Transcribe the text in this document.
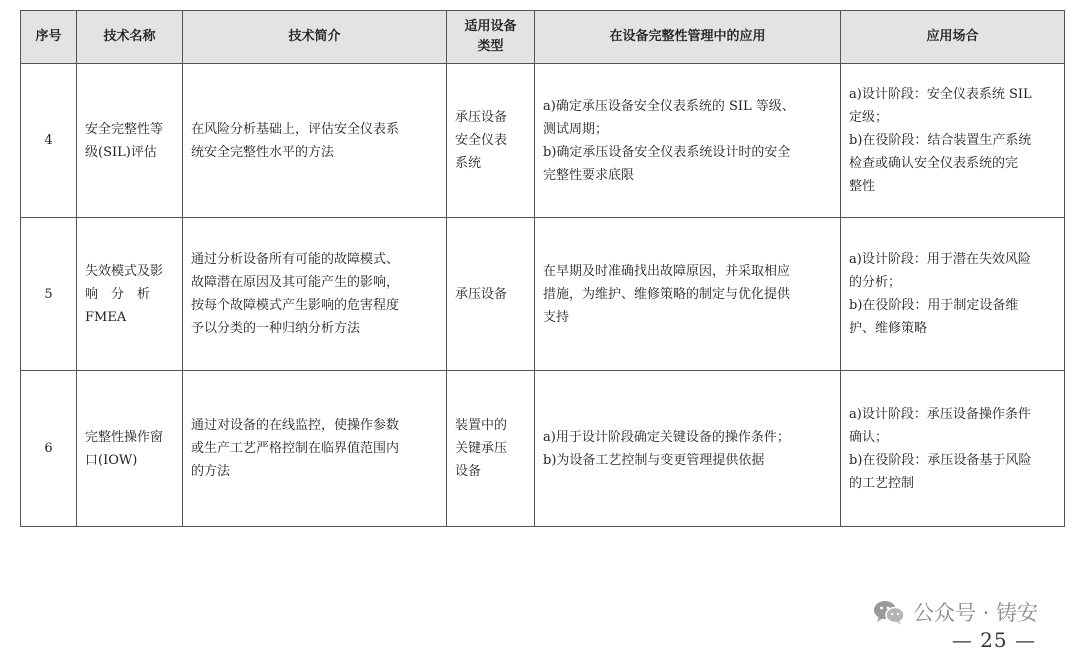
序号	技术名称	技术简介	适用设备类型	在设备完整性管理中的应用	应用场合
4	安全完整性等
级(SIL)评估	在风险分析基础上，评估安全仪表系
统安全完整性水平的方法	承压设备
安全仪表
系统	a)确定承压设备安全仪表系统的 SIL 等级、
测试周期；
b)确定承压设备安全仪表系统设计时的安全
完整性要求底限	a)设计阶段：安全仪表系统 SIL
定级；
b)在役阶段：结合装置生产系统
检查或确认安全仪表系统的完
整性

5	失效模式及影
响　分　析
FMEA	通过分析设备所有可能的故障模式、
故障潜在原因及其可能产生的影响，
按每个故障模式产生影响的危害程度
予以分类的一种归纳分析方法	承压设备	在早期及时准确找出故障原因，并采取相应
措施，为维护、维修策略的制定与优化提供
支持	a)设计阶段：用于潜在失效风险
的分析；
b)在役阶段：用于制定设备维
护、维修策略

6	完整性操作窗
口(IOW)	通过对设备的在线监控，使操作参数
或生产工艺严格控制在临界值范围内
的方法	装置中的
关键承压
设备	a)用于设计阶段确定关键设备的操作条件；
b)为设备工艺控制与变更管理提供依据	a)设计阶段：承压设备操作条件
确认；
b)在役阶段：承压设备基于风险
的工艺控制
公众号 · 铸安
— 25 —
